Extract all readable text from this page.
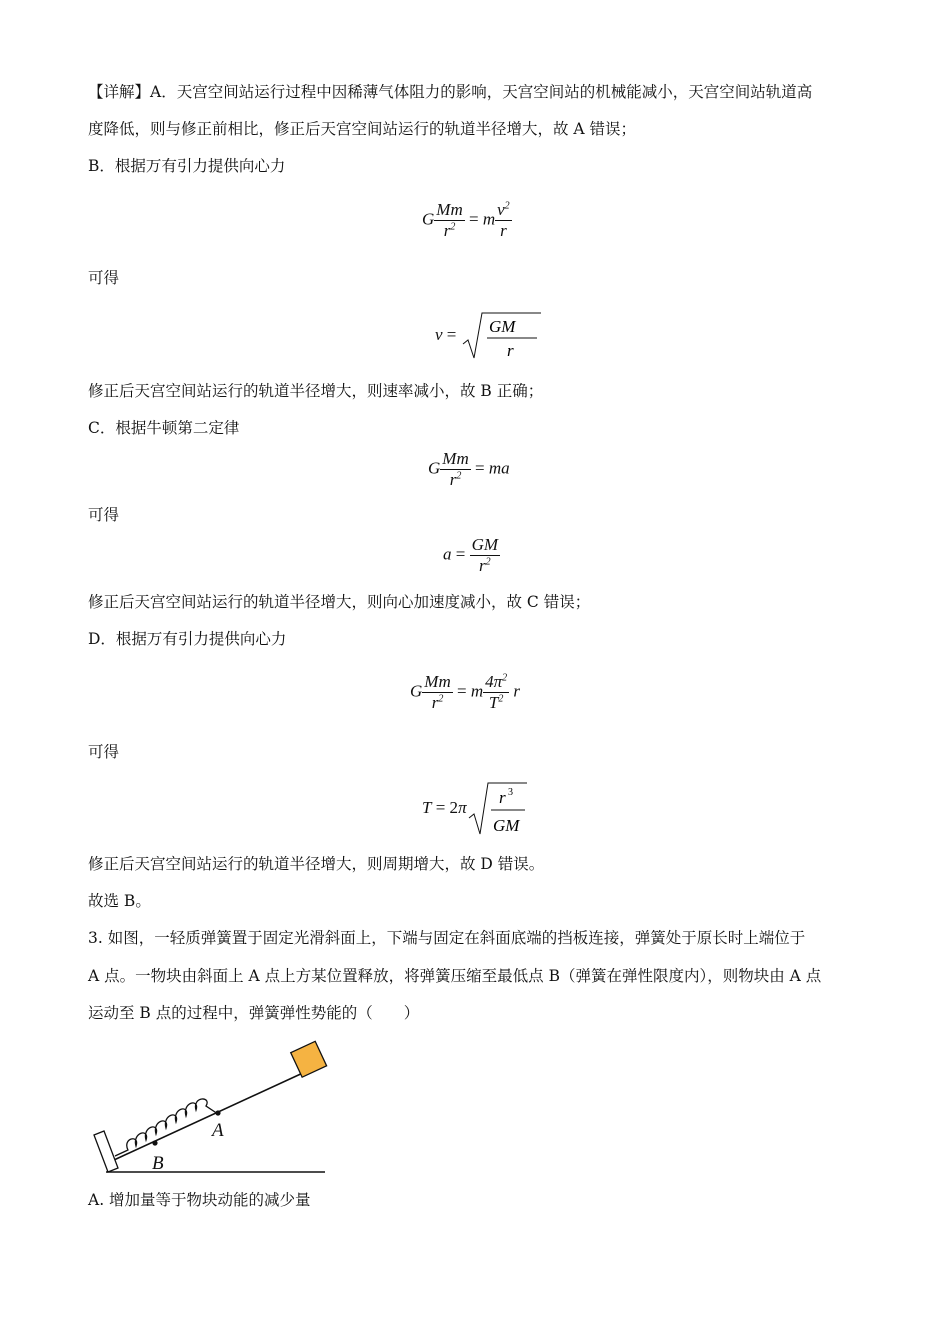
【详解】A．天宫空间站运行过程中因稀薄气体阻力的影响，天宫空间站的机械能减小，天宫空间站轨道高
度降低，则与修正前相比，修正后天宫空间站运行的轨道半径增大，故 A 错误；
B．根据万有引力提供向心力
G $\frac{Mm}{r^2} = m \frac{v^2}{r}$
可得
v = GM
r
修正后天宫空间站运行的轨道半径增大，则速率减小，故 B 正确；
C．根据牛顿第二定律
G $\frac{Mm}{r^2}$ = ma
可得
$a = \frac{GM}{r^2}$
修正后天宫空间站运行的轨道半径增大，则向心加速度减小，故 C 错误；
D．根据万有引力提供向心力
G $\frac{Mm}{r^2} = m \frac{4\pi^2}{T^2}$ r
可得
T = 2π
r 3
GM
修正后天宫空间站运行的轨道半径增大，则周期增大，故 D 错误。
故选 B。
3. 如图，一轻质弹簧置于固定光滑斜面上，下端与固定在斜面底端的挡板连接，弹簧处于原长时上端位于
A 点。一物块由斜面上 A 点上方某位置释放，将弹簧压缩至最低点 B（弹簧在弹性限度内），则物块由 A 点
运动至 B 点的过程中，弹簧弹性势能的（　　）
A
B
A. 增加量等于物块动能的减少量
